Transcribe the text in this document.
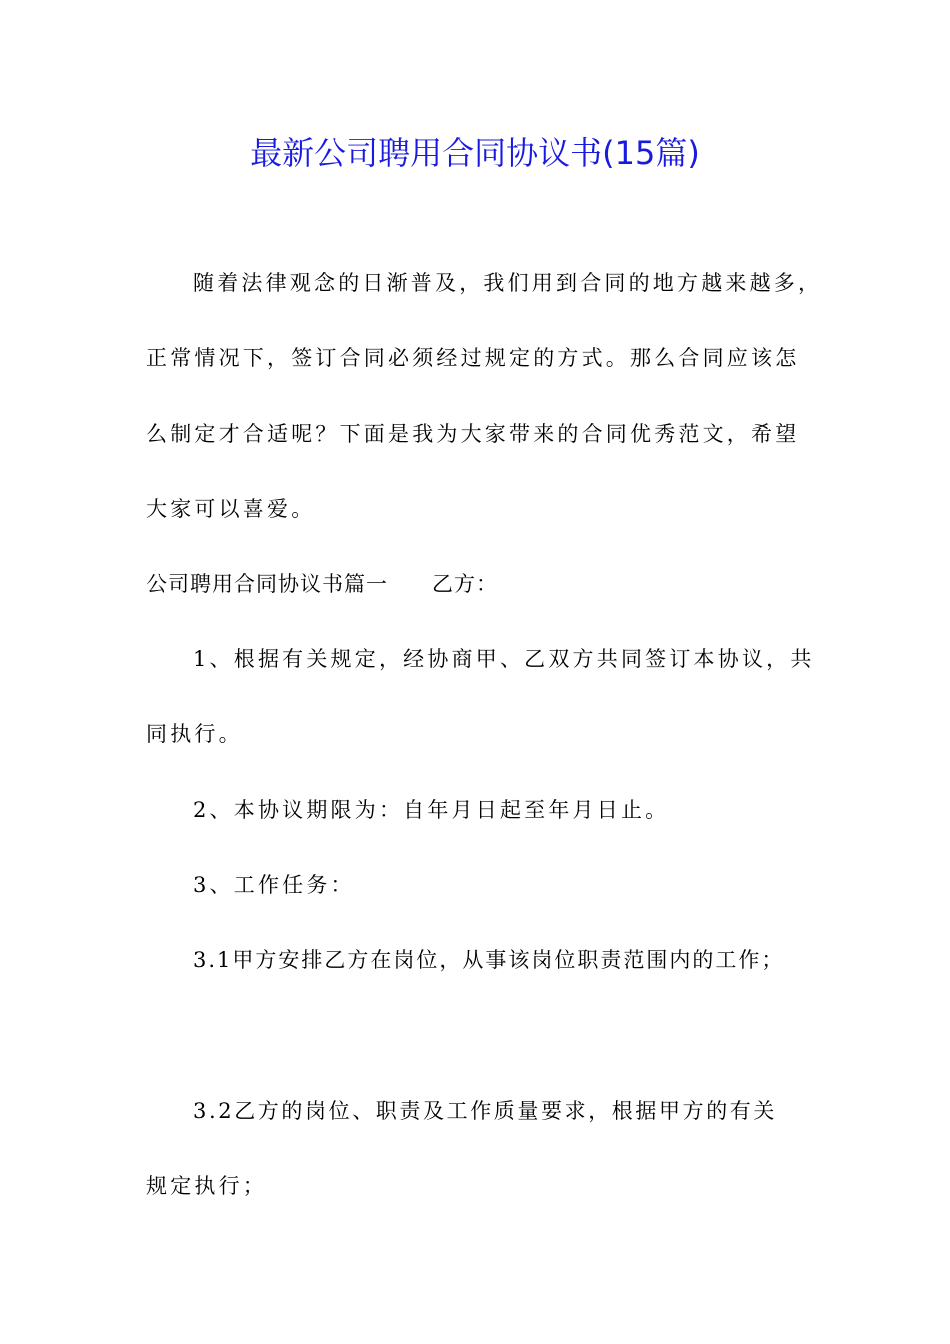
最新公司聘用合同协议书(15篇)
随着法律观念的日渐普及，我们用到合同的地方越来越多，
正常情况下，签订合同必须经过规定的方式。那么合同应该怎
么制定才合适呢？下面是我为大家带来的合同优秀范文，希望
大家可以喜爱。
公司聘用合同协议书篇一 乙方：
1、根据有关规定，经协商甲、乙双方共同签订本协议，共
同执行。
2、本协议期限为：自年月日起至年月日止。
3、工作任务：
3.1甲方安排乙方在岗位，从事该岗位职责范围内的工作；
3.2乙方的岗位、职责及工作质量要求，根据甲方的有关
规定执行；
